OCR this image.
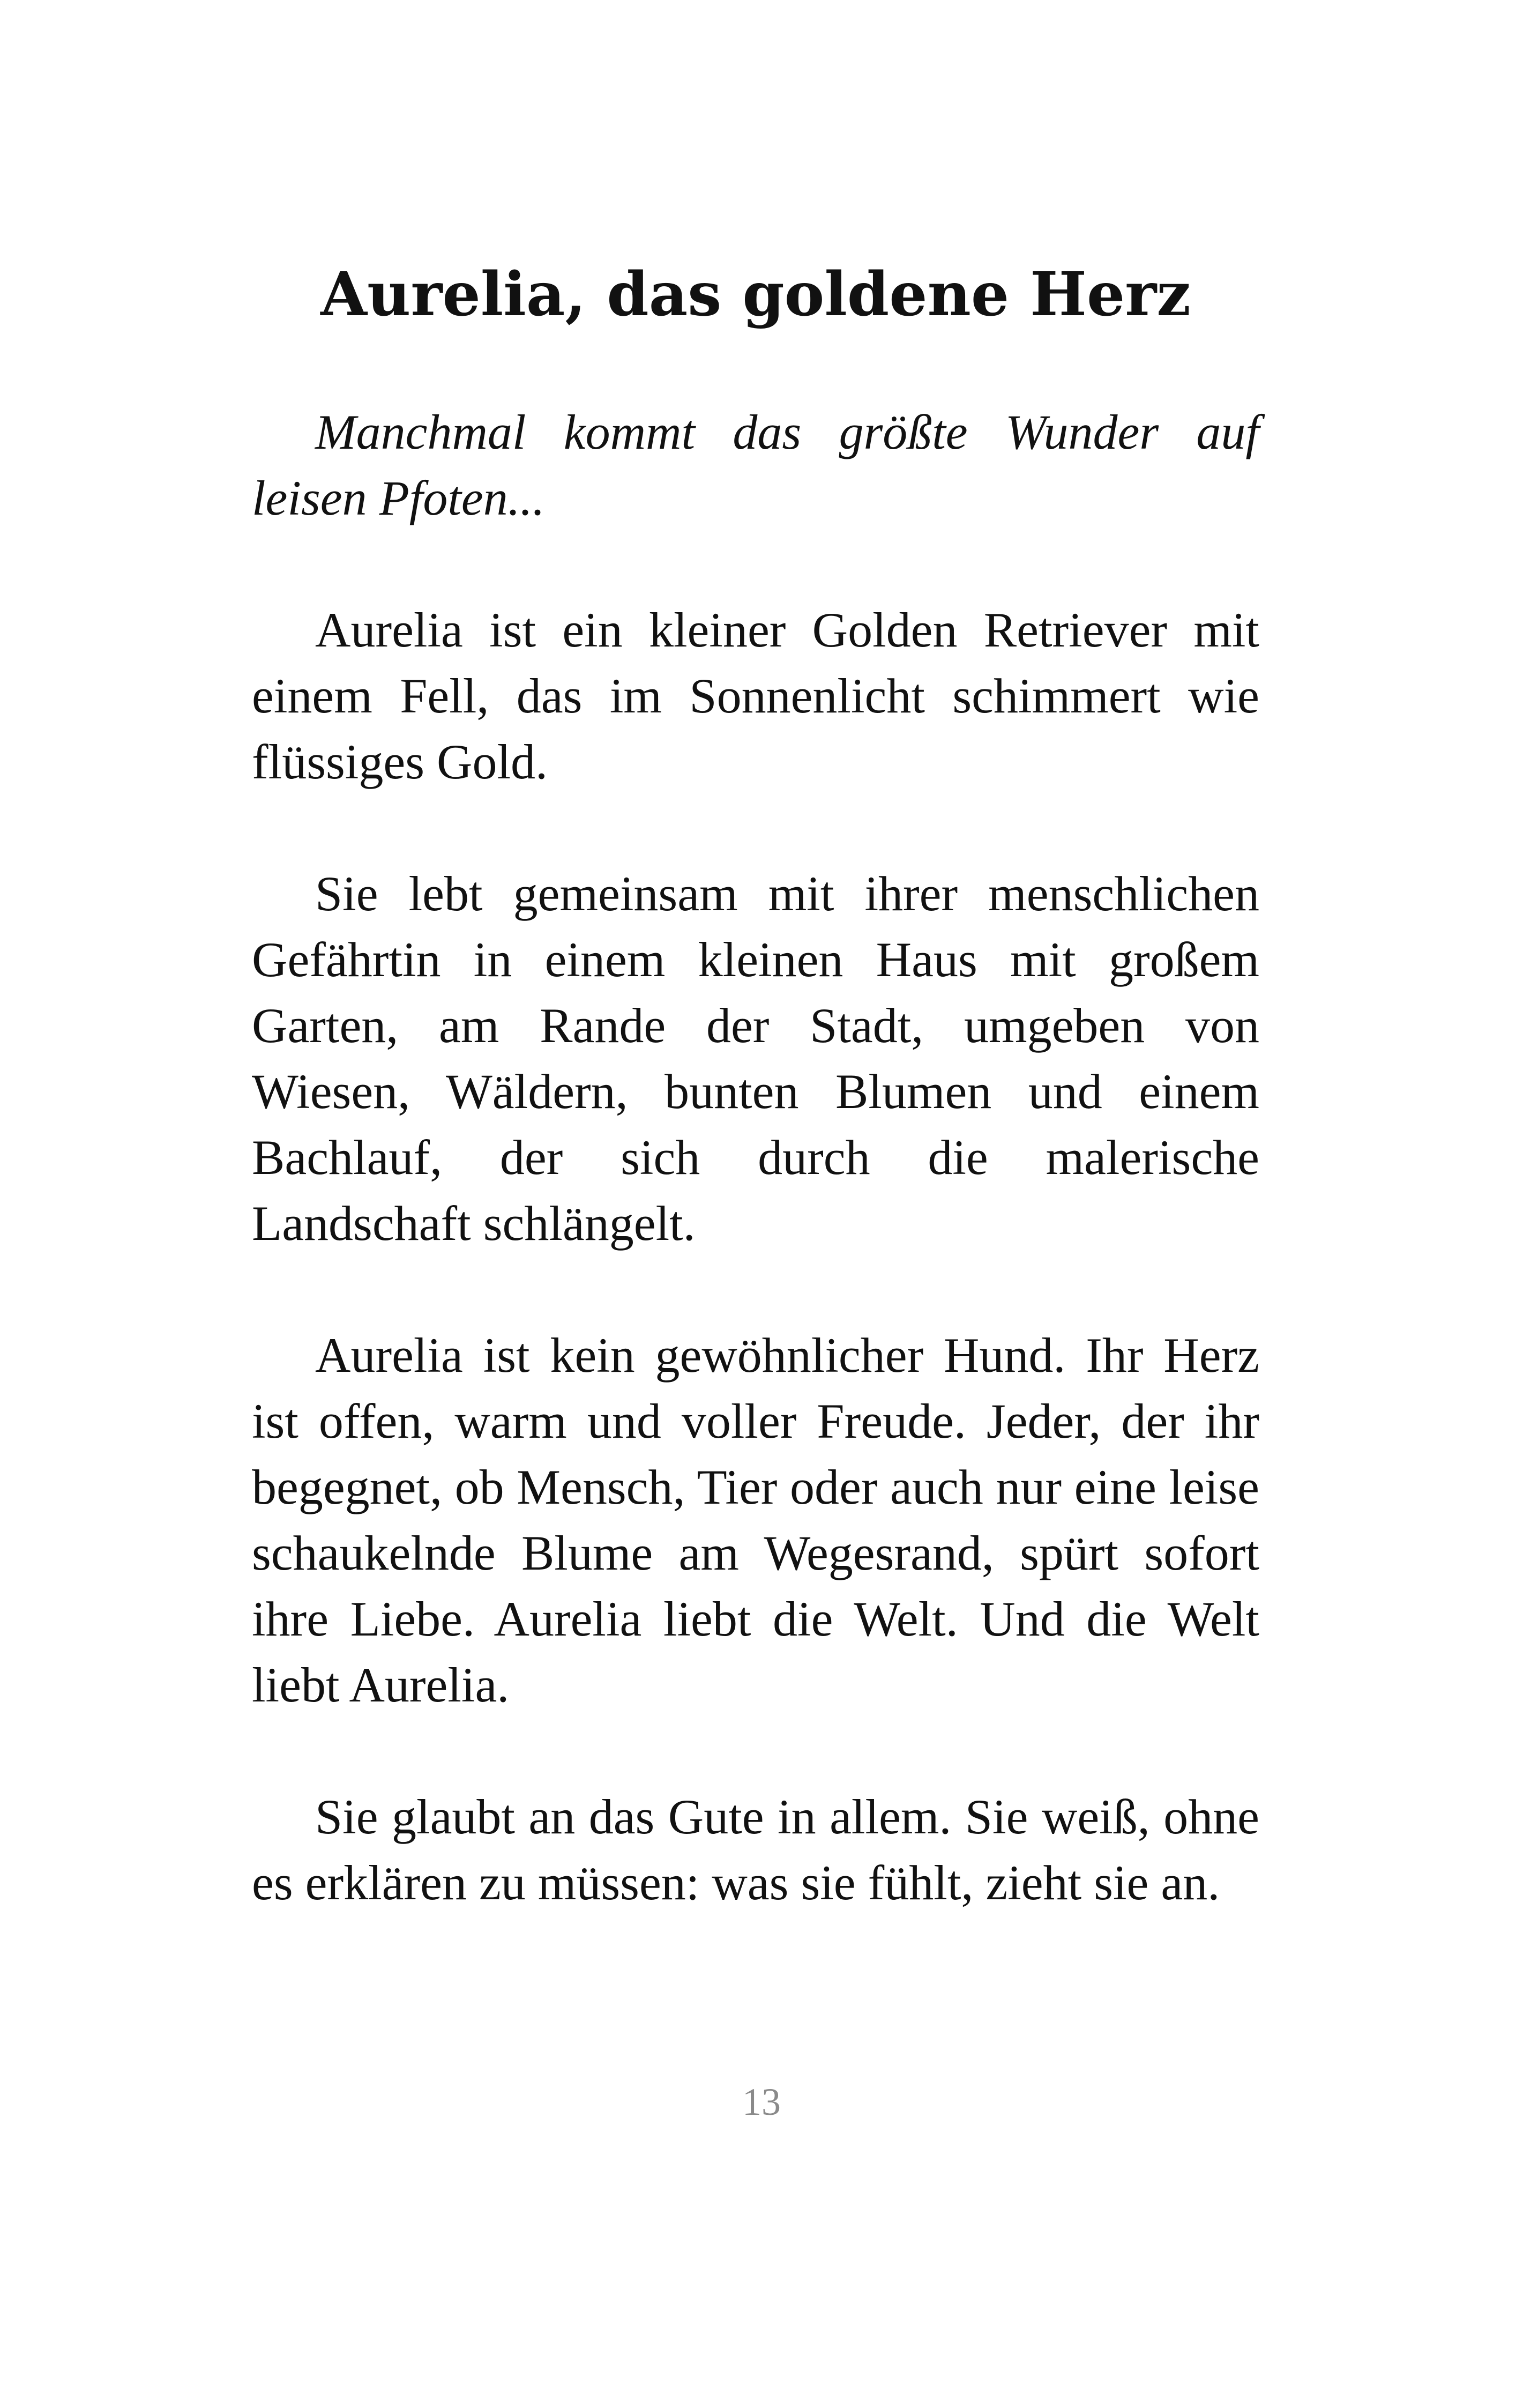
Aurelia, das goldene Herz

Manchmal kommt das größte Wunder auf leisen Pfoten...

Aurelia ist ein kleiner Golden Retriever mit einem Fell, das im Sonnenlicht schimmert wie flüssiges Gold.

Sie lebt gemeinsam mit ihrer menschlichen Gefährtin in einem kleinen Haus mit großem Garten, am Rande der Stadt, umgeben von Wiesen, Wäldern, bunten Blumen und einem Bachlauf, der sich durch die malerische Landschaft schlängelt.

Aurelia ist kein gewöhnlicher Hund. Ihr Herz ist offen, warm und voller Freude. Jeder, der ihr begegnet, ob Mensch, Tier oder auch nur eine leise schaukelnde Blume am Wegesrand, spürt sofort ihre Liebe. Aurelia liebt die Welt. Und die Welt liebt Aurelia.

Sie glaubt an das Gute in allem. Sie weiß, ohne es erklären zu müssen: was sie fühlt, zieht sie an.

13
